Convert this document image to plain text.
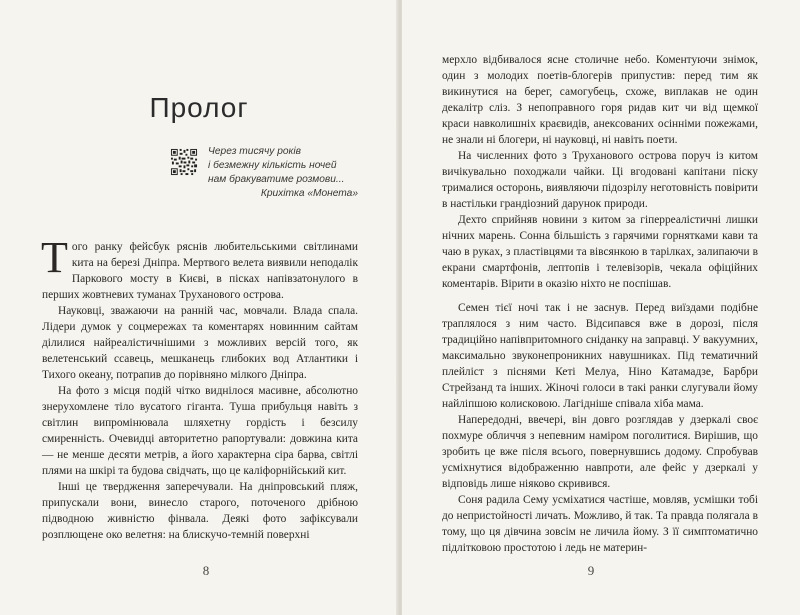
Пролог
Через тисячу років
і безмежну кількість ночей
нам бракуватиме розмови...
Крихітка «Монета»

Того ранку фейсбук ряснів любительськими світлинами кита на березі Дніпра. Мертвого велета виявили неподалік Паркового мосту в Києві, в пісках напівзатонулого в перших жовтневих туманах Труханового острова.

Науковці, зважаючи на ранній час, мовчали. Влада спала. Лідери думок у соцмережах та коментарях новинним сайтам ділилися найреалістичнішими з можливих версій того, як велетенський ссавець, мешканець глибоких вод Атлантики і Тихого океану, потрапив до порівняно мілкого Дніпра.

На фото з місця подій чітко виднілося масивне, абсолютно знерухомлене тіло вусатого гіганта. Туша прибульця навіть з світлин випромінювала шляхетну гордість і безсилу смиренність. Очевидці авторитетно рапортували: довжина кита — не менше десяти метрів, а його характерна сіра барва, світлі плями на шкірі та будова свідчать, що це каліфорнійський кит.

Інші це твердження заперечували. На дніпровський пляж, припускали вони, винесло старого, поточеного дрібною підводною живністю фінвала. Деякі фото зафіксували розплющене око велетня: на блискучо-темній поверхні

8	9

мерхло відбивалося ясне столичне небо. Коментуючи знімок, один з молодих поетів-блогерів припустив: перед тим як викинутися на берег, самогубець, схоже, виплакав не один декалітр сліз. З непоправного горя ридав кит чи від щемкої краси навколишніх краєвидів, анексованих осінніми пожежами, не знали ні блогери, ні науковці, ні навіть поети.

На численних фото з Труханового острова поруч із китом вичікувально походжали чайки. Ці вгодовані капітани піску трималися осторонь, виявляючи підозрілу неготовність повірити в настільки грандіозний дарунок природи.

Дехто сприйняв новини з китом за гіперреалістичні лишки нічних марень. Сонна більшість з гарячими горнятками кави та чаю в руках, з пластівцями та вівсянкою в тарілках, залипаючи в екрани смартфонів, лептопів і телевізорів, чекала офіційних коментарів. Вірити в оказію ніхто не поспішав.

Семен тієї ночі так і не заснув. Перед виїздами подібне траплялося з ним часто. Відсипався вже в дорозі, після традиційно напівпритомного сніданку на заправці. У вакуумних, максимально звуконепроникних навушниках. Під тематичний плейліст з піснями Кеті Мелуа, Ніно Катамадзе, Барбри Стрейзанд та інших. Жіночі голоси в такі ранки слугували йому найліпшою колисковою. Лагідніше співала хіба мама.

Напередодні, ввечері, він довго розглядав у дзеркалі своє похмуре обличчя з непевним наміром поголитися. Вирішив, що зробить це вже після всього, повернувшись додому. Спробував усміхнутися відображенню навпроти, але фейс у дзеркалі у відповідь лише ніяково скривився.

Соня радила Сему усміхатися частіше, мовляв, усмішки тобі до непристойності личать. Можливо, й так. Та правда полягала в тому, що ця дівчина зовсім не личила йому. З її симптоматично підлітковою простотою і ледь не материн-
